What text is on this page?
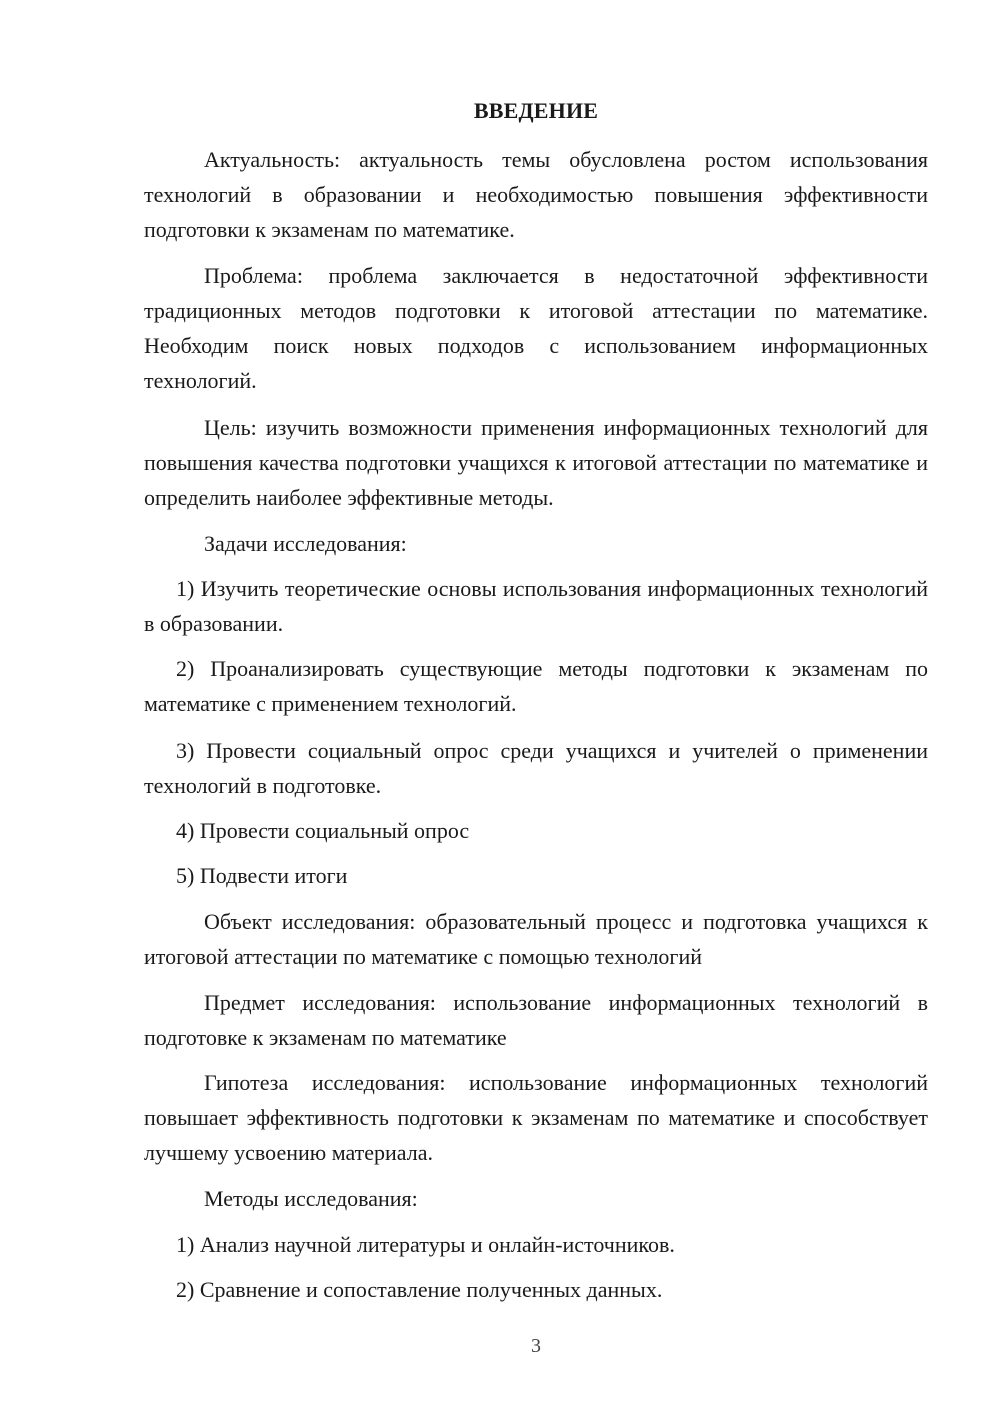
ВВЕДЕНИЕ

Актуальность: актуальность темы обусловлена ростом использования технологий в образовании и необходимостью повышения эффективности подготовки к экзаменам по математике.

Проблема: проблема заключается в недостаточной эффективности традиционных методов подготовки к итоговой аттестации по математике. Необходим поиск новых подходов с использованием информационных технологий.

Цель: изучить возможности применения информационных технологий для повышения качества подготовки учащихся к итоговой аттестации по математике и определить наиболее эффективные методы.

Задачи исследования:

1) Изучить теоретические основы использования информационных технологий в образовании.

2) Проанализировать существующие методы подготовки к экзаменам по математике с применением технологий.

3) Провести социальный опрос среди учащихся и учителей о применении технологий в подготовке.

4) Провести социальный опрос

5) Подвести итоги

Объект исследования: образовательный процесс и подготовка учащихся к итоговой аттестации по математике с помощью технологий

Предмет исследования: использование информационных технологий в подготовке к экзаменам по математике

Гипотеза исследования: использование информационных технологий повышает эффективность подготовки к экзаменам по математике и способствует лучшему усвоению материала.

Методы исследования:

1) Анализ научной литературы и онлайн-источников.

2) Сравнение и сопоставление полученных данных.

3
